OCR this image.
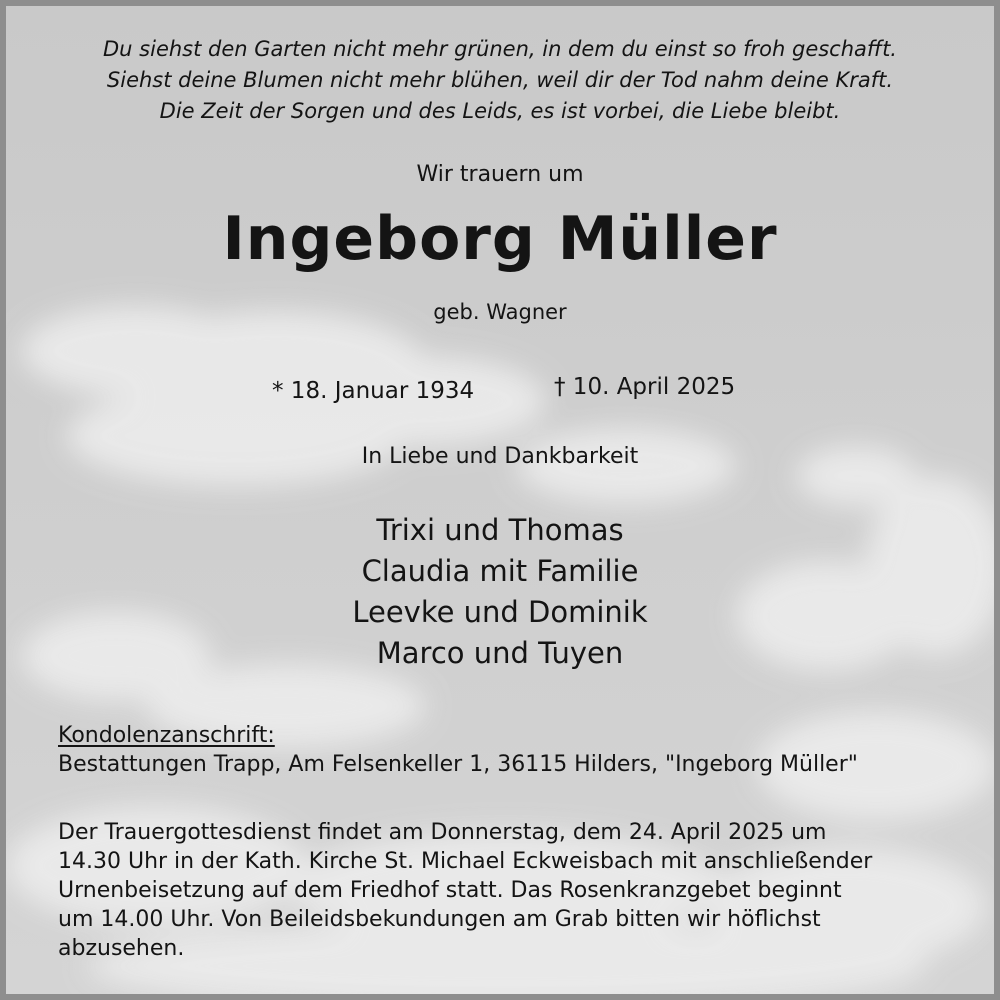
Du siehst den Garten nicht mehr grünen, in dem du einst so froh geschafft.

Siehst deine Blumen nicht mehr blühen, weil dir der Tod nahm deine Kraft.

Die Zeit der Sorgen und des Leids, es ist vorbei, die Liebe bleibt.

Wir trauern um

Ingeborg Müller

geb. Wagner

* 18. Januar 1934	† 10. April 2025

In Liebe und Dankbarkeit

Trixi und Thomas

Claudia mit Familie

Leevke und Dominik

Marco und Tuyen

Kondolenzanschrift:

Bestattungen Trapp, Am Felsenkeller 1, 36115 Hilders, "Ingeborg Müller"

Der Trauergottesdienst findet am Donnerstag, dem 24. April 2025 um

14.30 Uhr in der Kath. Kirche St. Michael Eckweisbach mit anschließender

Urnenbeisetzung auf dem Friedhof statt. Das Rosenkranzgebet beginnt

um 14.00 Uhr. Von Beileidsbekundungen am Grab bitten wir höflichst

abzusehen.
